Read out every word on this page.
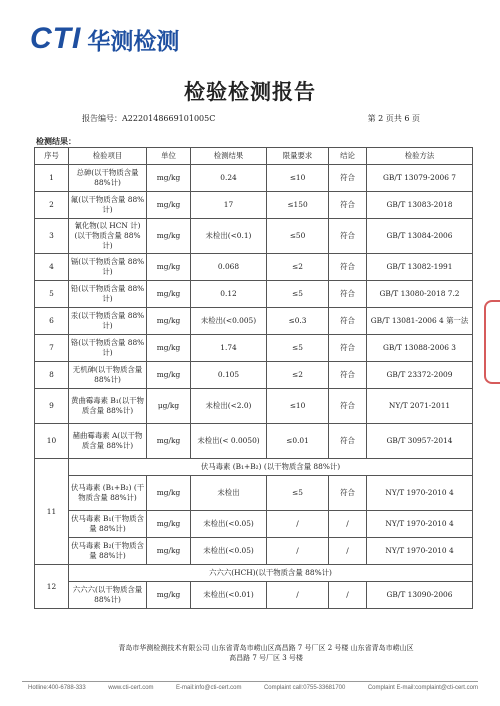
CTI 华测检测
检验检测报告
报告编号：A2220148669101005C	第 2 页共 6 页
检测结果：
序号	检验项目	单位	检测结果	限量要求	结论	检验方法
1	总砷(以干物质含量 88%计)	mg/kg	0.24	≤10	符合	GB/T 13079-2006 7
2	氟(以干物质含量 88%计)	mg/kg	17	≤150	符合	GB/T 13083-2018
3	氰化物(以 HCN 计)(以干物质含量 88%计)	mg/kg	未检出(<0.1)	≤50	符合	GB/T 13084-2006
4	镉(以干物质含量 88%计)	mg/kg	0.068	≤2	符合	GB/T 13082-1991
5	铅(以干物质含量 88%计)	mg/kg	0.12	≤5	符合	GB/T 13080-2018 7.2
6	汞(以干物质含量 88%计)	mg/kg	未检出(<0.005)	≤0.3	符合	GB/T 13081-2006 4 第一法
7	铬(以干物质含量 88%计)	mg/kg	1.74	≤5	符合	GB/T 13088-2006 3
8	无机砷(以干物质含量 88%计)	mg/kg	0.105	≤2	符合	GB/T 23372-2009
9	黄曲霉毒素 B₁(以干物质含量 88%计)	μg/kg	未检出(<2.0)	≤10	符合	NY/T 2071-2011
10	赭曲霉毒素 A(以干物质含量 88%计)	mg/kg	未检出(< 0.0050)	≤0.01	符合	GB/T 30957-2014
11	伏马毒素 (B₁+B₂) (以干物质含量 88%计)					
	伏马毒素 (B₁+B₂) (干物质含量 88%计)	mg/kg	未检出	≤5	符合	NY/T 1970-2010 4
	伏马毒素 B₁(干物质含量 88%计)	mg/kg	未检出(<0.05)	/	/	NY/T 1970-2010 4
	伏马毒素 B₂(干物质含量 88%计)	mg/kg	未检出(<0.05)	/	/	NY/T 1970-2010 4
12	六六六(HCH)(以干物质含量 88%计)					
	六六六(以干物质含量 88%计)	mg/kg	未检出(<0.01)	/	/	GB/T 13090-2006
青岛市华测检测技术有限公司 山东省青岛市崂山区高昌路 7 号厂区 2 号楼 山东省青岛市崂山区高昌路 7 号厂区 3 号楼
Hotline:400-6788-333	www.cti-cert.com	E-mail:info@cti-cert.com	Complaint call:0755-33681700	Complaint E-mail:complaint@cti-cert.com
